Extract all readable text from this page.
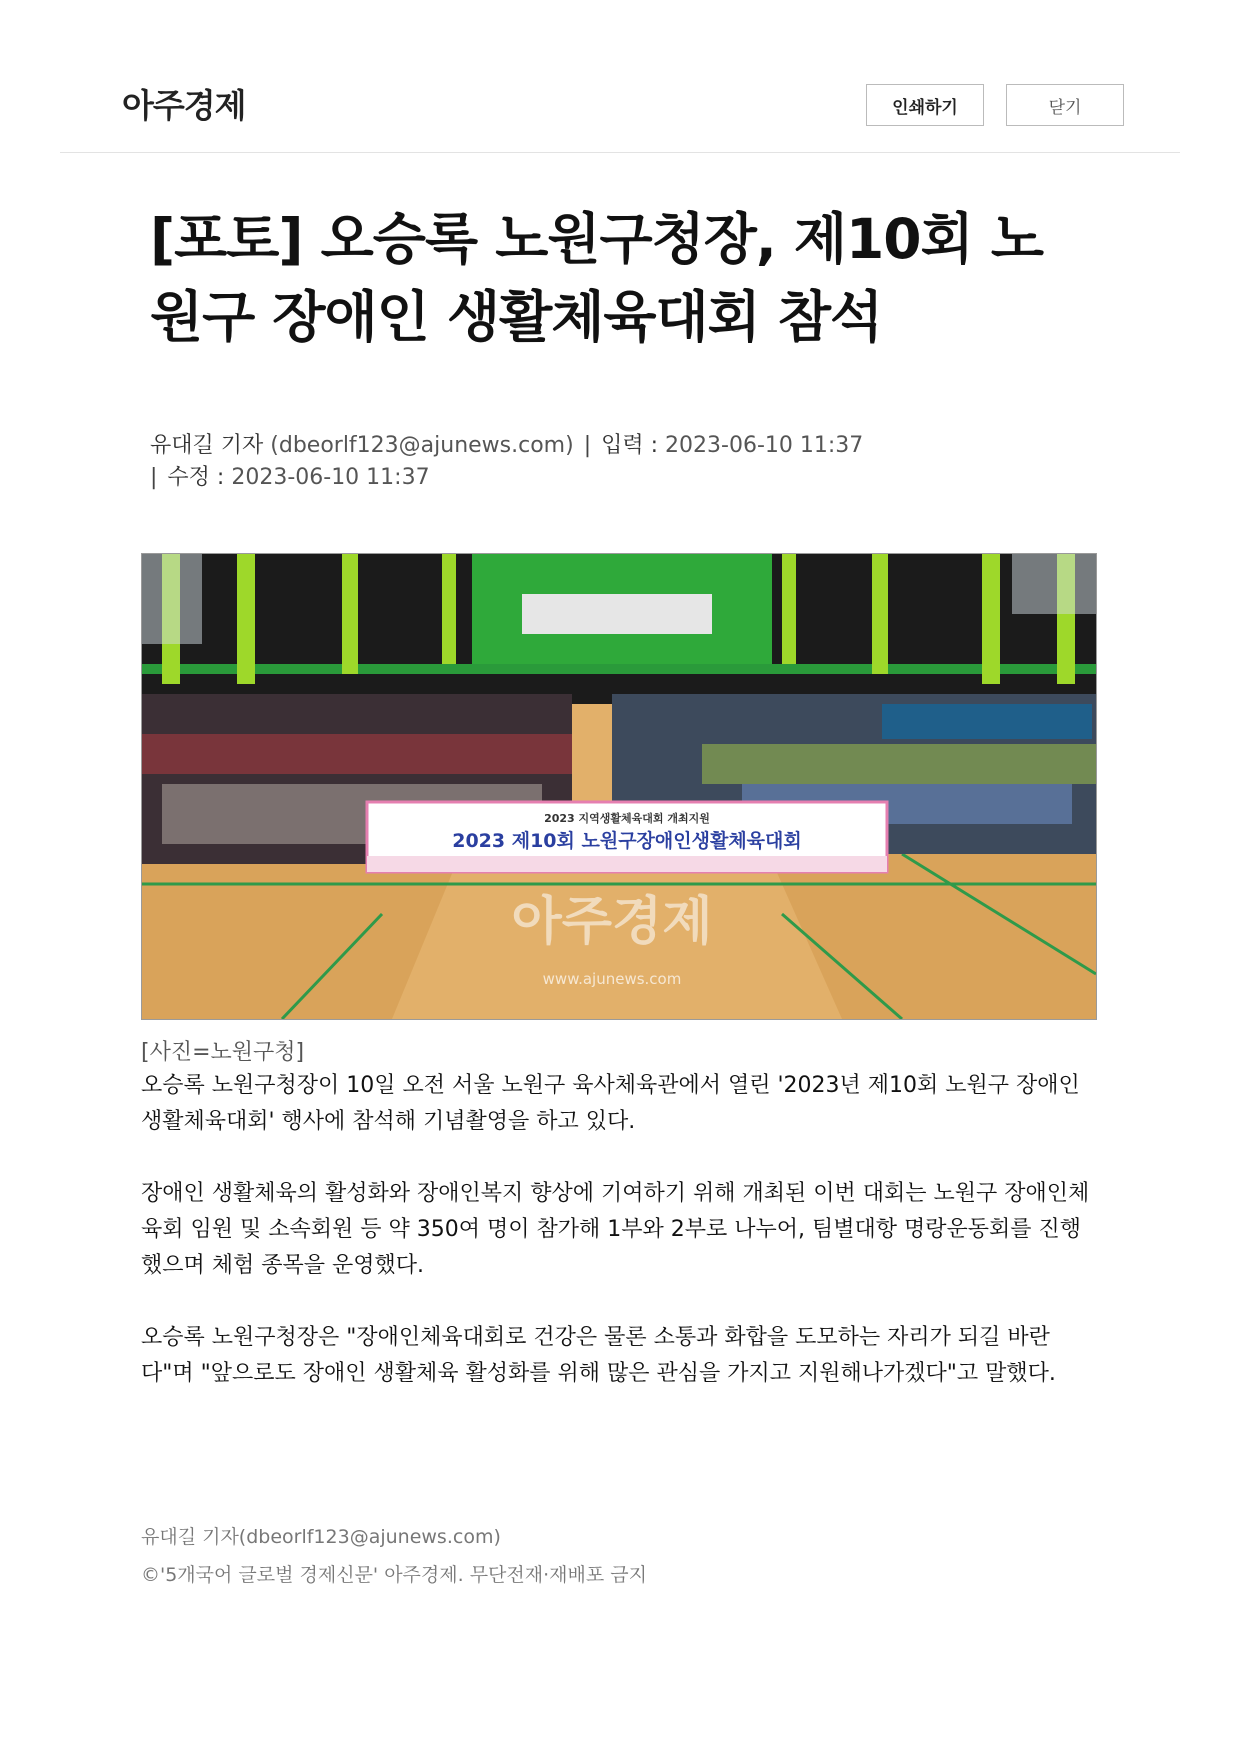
아주경제	인쇄하기	닫기
[포토] 오승록 노원구청장, 제10회 노원구 장애인 생활체육대회 참석
유대길 기자 (dbeorlf123@ajunews.com) | 입력 : 2023-06-10 11:37
| 수정 : 2023-06-10 11:37
2023 지역생활체육대회 개최지원
2023 제10회 노원구장애인생활체육대회
아주경제
www.ajunews.com
[사진=노원구청]

오승록 노원구청장이 10일 오전 서울 노원구 육사체육관에서 열린 '2023년 제10회 노원구 장애인 생활체육대회' 행사에 참석해 기념촬영을 하고 있다.

장애인 생활체육의 활성화와 장애인복지 향상에 기여하기 위해 개최된 이번 대회는 노원구 장애인체육회 임원 및 소속회원 등 약 350여 명이 참가해 1부와 2부로 나누어, 팀별대항 명랑운동회를 진행했으며 체험 종목을 운영했다.

오승록 노원구청장은 "장애인체육대회로 건강은 물론 소통과 화합을 도모하는 자리가 되길 바란다"며 "앞으로도 장애인 생활체육 활성화를 위해 많은 관심을 가지고 지원해나가겠다"고 말했다.

유대길 기자(dbeorlf123@ajunews.com)
©'5개국어 글로벌 경제신문' 아주경제. 무단전재·재배포 금지
